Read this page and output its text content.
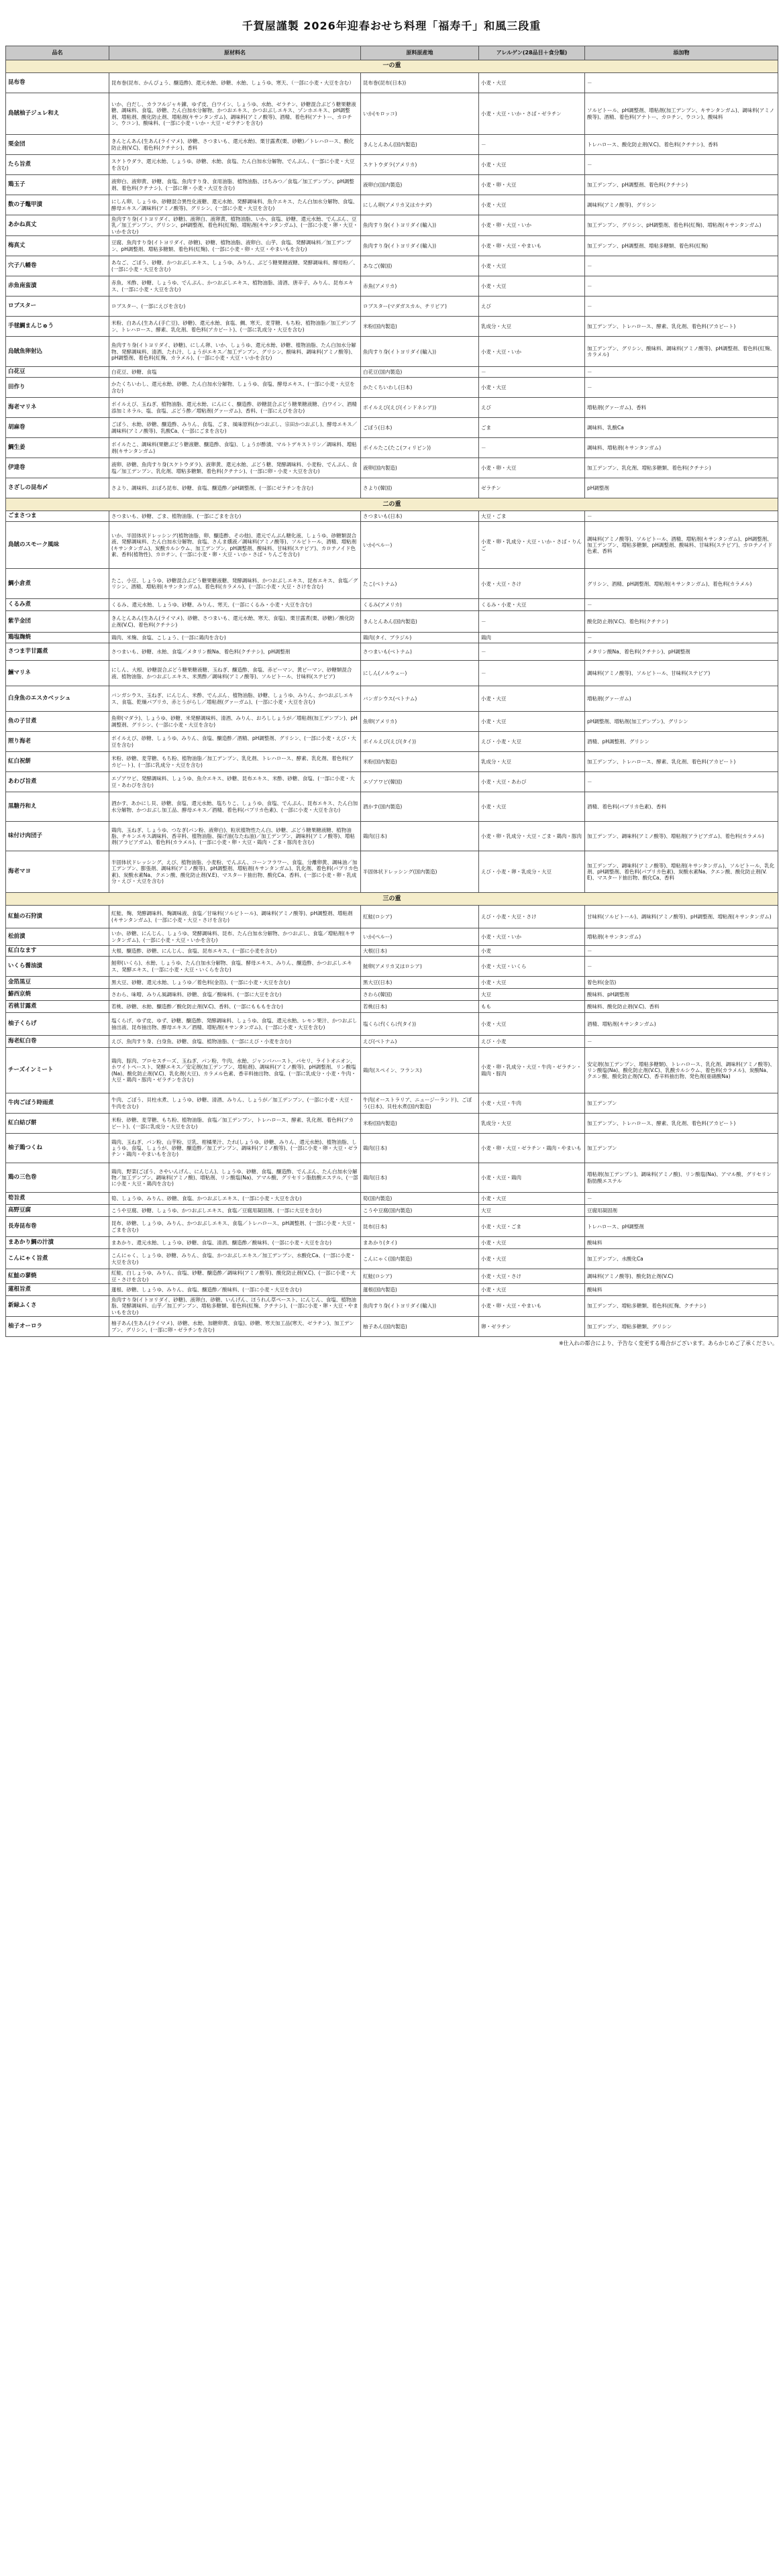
千賀屋謹製 2026年迎春おせち料理「福寿千」和風三段重
品名	原材料名	原料原産地	アレルゲン(28品目＋食分類)	添加物
一の重				
昆布巻	昆布巻(昆布、かんぴょう、醸造酢)、還元水飴、砂糖、水飴、しょうゆ、寒天、（一部に小麦・大豆を含む）	昆布巻(昆布(日本))	小麦・大豆	－
鳥賊柚子ジュレ和え	いか、白だし、カラフルジャキ錬、ゆず皮、白ワイン、しょうゆ、水飴、ゼラチン、砂糖混合ぶどう糖果糖液糖、調味料、食塩、砂糖、たん白加水分解物、かつおエキス、かつおぶしエキス、ゾンホエキス、pH調整剤、増粘剤、酸化防止剤、増粘剤(キサンタンガム)、調味料(アミノ酸等)、酒精、着色料(アナトー、カロチン、ウコン)、酸味料、(一部に小麦・いか・大豆・ゼラチンを含む)	いか(モロッコ)	小麦・大豆・いか・さば・ゼラチン	ソルビトール、pH調整剤、増粘剤(加工デンプン、キサンタンガム)、調味料(アミノ酸等)、酒精、着色料(アナトー、カロチン、ウコン)、酸味料
栗金団	きんとんあん(生あん(ライマメ)、砂糖、さつまいも、還元水飴)、栗甘露煮(栗、砂糖)／トレハロース、酸化防止剤(V.C)、着色料(クチナシ)、香料	きんとんあん(国内製造)	－	トレハロース、酸化防止剤(V.C)、着色料(クチナシ)、香料
たら旨煮	スケトウダラ、還元水飴、しょうゆ、砂糖、水飴、食塩、たん白加水分解物、でんぷん、(一部に小麦・大豆を含む)	スケトウダラ(アメリカ)	小麦・大豆	－
鶏玉子	液卵白、液卵黄、砂糖、食塩、魚肉すり身、食用油脂、植物油脂、ほちみつ／食塩／加工デンプン、pH調整剤、着色料(クチナシ)、(一部に卵・小麦・大豆を含む)	液卵白(国内製造)	小麦・卵・大豆	加工デンプン、pH調整剤、着色料(クチナシ)
数の子鼈甲漬	にしん卵、しょうゆ、砂糖混合異性化液糖、還元水飴、発酵調味料、魚介エキス、たん白加水分解物、食塩、酵母エキス／調味料(アミノ酸等)、グリシン、(一部に小麦・大豆を含む)	にしん卵(アメリカ又はカナダ)	小麦・大豆	調味料(アミノ酸等)、グリシン
あかね真丈	魚肉すり身(イトヨリダイ、砂糖)、液卵白、液卵黄、植物油脂、いか、食塩、砂糖、還元水飴、でんぷん、豆乳／加工デンプン、グリシン、pH調整剤、着色料(紅麹)、増粘剤(キサンタンガム)、(一部に小麦・卵・大豆・いかを含む)	魚肉すり身(イトヨリダイ(輸入))	小麦・卵・大豆・いか	加工デンプン、グリシン、pH調整剤、着色料(紅麹)、増粘剤(キサンタンガム)
梅真丈	豆腐、魚肉すり身(イトヨリダイ、砂糖)、砂糖、植物油脂、液卵白、山芋、食塩、発酵調味料／加工デンプン、pH調整剤、増粘多糖類、着色料(紅麹)、(一部に小麦・卵・大豆・やまいもを含む)	魚肉すり身(イトヨリダイ(輸入))	小麦・卵・大豆・やまいも	加工デンプン、pH調整剤、増粘多糖類、着色料(紅麹)
穴子八幡巻	あなご、ごぼう、砂糖、かつおぶしエキス、しょうゆ、みりん、ぶどう糖果糖液糖、発酵調味料、酵母粉／、(一部に小麦・大豆を含む)	あなご(韓国)	小麦・大豆	－
赤魚南蛮漬	赤魚、米酢、砂糖、しょうゆ、でんぷん、かつおぶしエキス、植物油脂、清酒、唐辛子、みりん、昆布エキス、(一部に小麦・大豆を含む)	赤魚(アメリカ)	小麦・大豆	－
ロブスター	ロブスター、(一部にえびを含む)	ロブスター(マダガスカル、チリピア)	えび	－
手毬鯛まんじゅう	米粉、白あん(生あん(手亡豆)、砂糖)、還元水飴、食塩、鯛、寒天、麦芽糖、もち粉、植物油脂／加工デンプン、トレハロース、酵素、乳化剤、着色料(アカビート)、(一部に乳成分・大豆を含む)	米粉(国内製造)	乳成分・大豆	加工デンプン、トレハロース、酵素、乳化剤、着色料(アカビート)
烏賊魚卵射込	魚肉すり身(イトヨリダイ、砂糖)、にしん卵、いか、しょうゆ、還元水飴、砂糖、植物油脂、たん白加水分解物、発酵調味料、清酒、たれ汁、しょうがエキス／加工デンプン、グリシン、酸味料、調味料(アミノ酸等)、pH調整剤、着色料(紅麹、カラメル)、(一部に小麦・大豆・いかを含む)	魚肉すり身(イトヨリダイ(輸入))	小麦・大豆・いか	加工デンプン、グリシン、酸味料、調味料(アミノ酸等)、pH調整剤、着色料(紅麹、カラメル)
白花豆	白花豆、砂糖、食塩	白花豆(国内製造)	－	－
田作り	かたくちいわし、還元水飴、砂糖、たん白加水分解物、しょうゆ、食塩、酵母エキス、(一部に小麦・大豆を含む)	かたくちいわし(日本)	小麦・大豆	－
海老マリネ	ボイルえび、玉ねぎ、植物油脂、還元水飴、にんにく、醸造酢、砂糖混合ぶどう糖果糖液糖、白ワイン、酒精添加ミネラル、塩、食塩、ぶどう酢／増粘剤(グァーガム)、香料、(一部にえびを含む)	ボイルえび(えび(インドネシア))	えび	増粘剤(グァーガム)、香料
胡麻巻	ごぼう、水飴、砂糖、醸造酢、みりん、食塩、ごま、風味原料(かつおぶし、宗田かつおぶし)、酵母エキス／調味料(アミノ酸等)、乳酸Ca、(一部にごまを含む)	ごぼう(日本)	ごま	調味料、乳酸Ca
鯛生姜	ボイルたこ、調味料(果糖ぶどう糖液糖、醸造酢、食塩)、しょうが酢漬、マルトデキストリン／調味料、増粘剤(キサンタンガム)	ボイルたこ(たこ(フィリピン))	－	調味料、増粘剤(キサンタンガム)
伊達巻	液卵、砂糖、魚肉すり身(スケトウダラ)、液卵黄、還元水飴、ぶどう糖、発酵調味料、小麦粉、でんぷん、食塩／加工デンプン、乳化剤、増粘多糖類、着色料(クチナシ)、(一部に卵・小麦・大豆を含む)	液卵(国内製造)	小麦・卵・大豆	加工デンプン、乳化剤、増粘多糖類、着色料(クチナシ)
さざしの昆布〆	さより、調味料、おぼろ昆布、砂糖、食塩、醸造酢／pH調整剤、(一部にゼラチンを含む)	さより(韓国)	ゼラチン	pH調整剤
二の重				
ごまさつま	さつまいも、砂糖、ごま、植物油脂、(一部にごまを含む)	さつまいも(日本)	大豆・ごま	－
鳥賊のスモーク風味	いか、半固体状ドレッシング(植物油脂、卵、醸造酢、その他)、還元でんぷん糖化液、しょうゆ、砂糖類混合液、発酵調味料、たん白加水分解物、食塩、さんま燻液／調味料(アミノ酸等)、ソルビトール、酒精、増粘剤(キサンタンガム)、炭酸カルシウム、加工デンプン、pH調整剤、酸味料、甘味料(ステビア)、カロテノイド色素、香料(植物性)、カロチン、(一部に小麦・卵・大豆・いか・さば・りんごを含む)	いか(ペルー)	小麦・卵・乳成分・大豆・いか・さば・りんご	調味料(アミノ酸等)、ソルビトール、酒精、増粘剤(キサンタンガム)、pH調整剤、加工デンプン、増粘多糖類、pH調整剤、酸味料、甘味料(ステビア)、カロテノイド色素、香料
鯛小倉煮	たこ、小豆、しょうゆ、砂糖混合ぶどう糖果糖液糖、発酵調味料、かつおぶしエキス、昆布エキス、食塩／グリシン、酒精、増粘剤(キサンタンガム)、着色料(カラメル)、(一部に小麦・大豆・さけを含む)	たこ(ベトナム)	小麦・大豆・さけ	グリシン、酒精、pH調整剤、増粘剤(キサンタンガム)、着色料(カラメル)
くるみ煮	くるみ、還元水飴、しょうゆ、砂糖、みりん、寒天、(一部にくるみ・小麦・大豆を含む)	くるみ(アメリカ)	くるみ・小麦・大豆	－
紫芋金団	きんとんあん(生あん(ライマメ)、砂糖、さつまいも、還元水飴、寒天、食塩)、栗甘露煮(栗、砂糖)／酸化防止剤(V.C)、着色料(クチナシ)	きんとんあん(国内製造)	－	酸化防止剤(V.C)、着色料(クチナシ)
鶏塩麹焼	鶏肉、米麹、食塩、こしょう、(一部に鶏肉を含む)	鶏肉(タイ、ブラジル)	鶏肉	－
さつま芋甘露煮	さつまいも、砂糖、水飴、食塩／メタリン酸Na、着色料(クチナシ)、pH調整剤	さつまいも(ベトナム)	－	メタリン酸Na、着色料(クチナシ)、pH調整剤
鰊マリネ	にしん、大根、砂糖混合ぶどう糖果糖液糖、玉ねぎ、醸造酢、食塩、赤ピーマン、黄ピーマン、砂糖類混合液、植物油脂、かつおぶしエキス、米黒酢／調味料(アミノ酸等)、ソルビトール、甘味料(ステビア)	にしん(ノルウェー)	－	調味料(アミノ酸等)、ソルビトール、甘味料(ステビア)
白身魚のエスカベッシュ	バンガシウス、玉ねぎ、にんじん、米酢、でんぷん、植物油脂、砂糖、しょうゆ、みりん、かつおぶしエキス、食塩、乾燥パプリカ、赤とうがらし／増粘剤(グァーガム)、(一部に小麦・大豆を含む)	バンガシウス(ベトナム)	小麦・大豆	増粘剤(グァーガム)
鱼の子甘煮	魚卵(マダラ)、しょうゆ、砂糖、米発酵調味料、清酒、みりん、おろししょうが／増粘剤(加工デンプン)、pH調整剤、グリシン、(一部に小麦・大豆を含む)	魚卵(アメリカ)	小麦・大豆	pH調整剤、増粘剤(加工デンプン)、グリシン
照り海老	ボイルえび、砂糖、しょうゆ、みりん、食塩、醸造酢／酒精、pH調整剤、グリシン、(一部に小麦・えび・大豆を含む)	ボイルえび(えび(タイ))	えび・小麦・大豆	酒精、pH調整剤、グリシン
紅白祝餅	米粉、砂糖、麦芽糖、もち粉、植物油脂／加工デンプン、乳化剤、トレハロース、酵素、乳化剤、着色料(アカビート)、(一部に乳成分・大豆を含む)	米粉(国内製造)	乳成分・大豆	加工デンプン、トレハロース、酵素、乳化剤、着色料(アカビート)
あわび旨煮	エゾアワビ、発酵調味料、しょうゆ、魚介エキス、砂糖、昆布エキス、米酢、砂糖、食塩、(一部に小麦・大豆・あわびを含む)	エゾアワビ(韓国)	小麦・大豆・あわび	－
黒糖丹和え	酒かす、あかにし貝、砂糖、食塩、還元水飴、塩ちりこ、しょうゆ、食塩、でんぷん、昆布エキス、たん白加水分解物、かつおぶし加工品、酵母エキス／酒精、着色料(パプリカ色素)、(一部に小麦・大豆を含む)	酒かす(国内製造)	小麦・大豆	酒精、着色料(パプリカ色素)、香料
味付け肉団子	鶏肉、玉ねぎ、しょうゆ、つなぎ(パン粉、液卵白)、粒状植物性たん白、砂糖、ぶどう糖果糖液糖、植物油脂、チキンエキス調味料、香辛料、植物油脂、揚げ油(なたね油)／加工デンプン、調味料(アミノ酸等)、増粘剤(アラビアガム)、着色料(カラメル)、(一部に小麦・卵・大豆・鶏肉・ごま・豚肉を含む)	鶏肉(日本)	小麦・卵・乳成分・大豆・ごま・鶏肉・豚肉	加工デンプン、調味料(アミノ酸等)、増粘剤(アラビアガム)、着色料(カラメル)
海老マヨ	半固体状ドレッシング、えび、植物油脂、小麦粉、でんぷん、コーンフラワー、食塩、分離卵黄、調味油／加工デンプン、膨張剤、調味料(アミノ酸等)、pH調整剤、増粘剤(キサンタンガム)、乳化剤、着色料(パプリカ色素)、炭酸水素Na、クエン酸、酸化防止剤(V.E)、マスタード抽出物、酸化Ca、香料、(一部に小麦・卵・乳成分・えび・大豆を含む)	半固体状ドレッシング(国内製造)	えび・小麦・卵・乳成分・大豆	加工デンプン、調味料(アミノ酸等)、増粘剤(キサンタンガム)、ソルビトール、乳化剤、pH調整剤、着色料(パプリカ色素)、炭酸水素Na、クエン酸、酸化防止剤(V.E)、マスタード抽出物、酸化Ca、香料
三の重				
紅鮭の石狩漬	紅鮭、麹、発酵調味料、麹調味液、食塩／甘味料(ソルビトール)、調味料(アミノ酸等)、pH調整剤、増粘剤(キサンタンガム)、(一部に小麦・大豆・さけを含む)	紅鮭(ロシア)	えび・小麦・大豆・さけ	甘味料(ソルビトール)、調味料(アミノ酸等)、pH調整剤、増粘剤(キサンタンガム)
松前漬	いか、砂糖、にんじん、しょうゆ、発酵調味料、昆布、たん白加水分解物、かつおぶし、食塩／増粘剤(キサンタンガム)、(一部に小麦・大豆・いかを含む)	いか(ペルー)	小麦・大豆・いか	増粘剤(キサンタンガム)
紅白なます	大根、醸造酢、砂糖、にんじん、食塩、昆布エキス、(一部に小麦を含む)	大根(日本)	小麦	－
いくら醤油漬	鮭卵(いくら)、水飴、しょうゆ、たん白加水分解物、食塩、酵母エキス、みりん、醸造酢、かつおぶしエキス、発酵エキス、(一部に小麦・大豆・いくらを含む)	鮭卵(アメリカ又はロシア)	小麦・大豆・いくら	－
金箔黒豆	黒大豆、砂糖、還元水飴、しょうゆ／着色料(金箔)、(一部に小麦・大豆を含む)	黒大豆(日本)	小麦・大豆	着色料(金箔)
鰆西京焼	さわら、味噌、みりん風調味料、砂糖、食塩／酸味料、(一部に大豆を含む)	さわら(韓国)	大豆	酸味料、pH調整剤
若桃甘露煮	若桃、砂糖、水飴、醸造酢／酸化防止剤(V.C)、香料、(一部にもももを含む)	若桃(日本)	もも	酸味料、酸化防止剤(V.C)、香料
柚子くらげ	塩くらげ、ゆず皮、ゆず、砂糖、醸造酢、発酵調味料、しょうゆ、食塩、還元水飴、レモン果汁、かつおぶし抽出液、昆布抽出物、酵母エキス／酒精、増粘剤(キサンタンガム)、(一部に小麦・大豆を含む)	塩くらげ(くらげ(タイ))	小麦・大豆	酒精、増粘剤(キサンタンガム)
海老紅白巻	えび、魚肉すり身、白身魚、砂糖、食塩、植物油脂、(一部にえび・小麦を含む)	えび(ベトナム)	えび・小麦	－
チーズインミート	鶏肉、豚肉、プロセスチーズ、玉ねぎ、パン粉、牛肉、水飴、ジャンバハースト、パセリ、ライトオニオン、ホワイトペースト、発酵エキス／安定剤(加工デンプン、増粘剤)、調味料(アミノ酸等)、pH調整剤、リン酸塩(Na)、酸化防止剤(V.C)、乳化剤(大豆)、カラメル色素、香辛料抽出物、食塩、(一部に乳成分・小麦・牛肉・大豆・鶏肉・豚肉・ゼラチンを含む)	鶏肉(スペイン、フランス)	小麦・卵・乳成分・大豆・牛肉・ゼラチン・鶏肉・豚肉	安定剤(加工デンプン、増粘多糖類)、トレハロース、乳化剤、調味料(アミノ酸等)、リン酸塩(Na)、酸化防止剤(V.C)、乳酸カルシウム、着色料(カラメル)、炭酸Na、クエン酸、酸化防止剤(V.C)、香辛料抽出物、発色剤(亜硝酸Na)
牛肉ごぼう時雨煮	牛肉、ごぼう、貝柱水煮、しょうゆ、砂糖、清酒、みりん、しょうが／加工デンプン、(一部に小麦・大豆・牛肉を含む)	牛肉(オーストラリア、ニュージーランド)、ごぼう(日本)、貝柱水煮(国内製造)	小麦・大豆・牛肉	加工デンプン
紅白結び餅	米粉、砂糖、麦芽糖、もち粉、植物油脂、食塩／加工デンプン、トレハロース、酵素、乳化剤、着色料(アカビート)、(一部に乳成分・大豆を含む)	米粉(国内製造)	乳成分・大豆	加工デンプン、トレハロース、酵素、乳化剤、着色料(アカビート)
柚子鶏つくね	鶏肉、玉ねぎ、パン粉、山芋粉、豆乳、柑橘果汁、たれ(しょうゆ、砂糖、みりん、還元水飴)、植物油脂、しょうゆ、食塩、しょうが、砂糖、醸造酢／加工デンプン、調味料(アミノ酸等)、(一部に小麦・卵・大豆・ゼラチン・鶏肉・やまいもを含む)	鶏肉(日本)	小麦・卵・大豆・ゼラチン・鶏肉・やまいも	加工デンプン
鶏の三色巻	鶏肉、野菜(ごぼう、さやいんげん、にんじん)、しょうゆ、砂糖、食塩、醸造酢、でんぷん、たん白加水分解物／加工デンプン、調味料(アミノ酸)、増粘剤、リン酸塩(Na)、アマル酸、グリセリン脂肪酸エステル、(一部に小麦・大豆・鶏肉を含む)	鶏肉(日本)	小麦・大豆・鶏肉	増粘剤(加工デンプン)、調味料(アミノ酸)、リン酸塩(Na)、アマル酸、グリセリン脂肪酸エステル
筍旨煮	筍、しょうゆ、みりん、砂糖、食塩、かつおぶしエキス、(一部に小麦・大豆を含む)	筍(国内製造)	小麦・大豆	－
高野豆腐	こうや豆腐、砂糖、しょうゆ、かつおぶしエキス、食塩／豆腐用凝固剤、(一部に大豆を含む)	こうや豆腐(国内製造)	大豆	豆腐用凝固剤
長寿昆布巻	昆布、砂糖、しょうゆ、みりん、かつおぶしエキス、食塩／トレハロース、pH調整剤、(一部に小麦・大豆・ごまを含む)	昆布(日本)	小麦・大豆・ごま	トレハロース、pH調整剤
まあかり鯛の汁漬	まあかり、還元水飴、しょうゆ、砂糖、食塩、清酒、醸造酢／酸味料、(一部に小麦・大豆を含む)	まあかり(タイ)	小麦・大豆	酸味料
こんにゃく旨煮	こんにゃく、しょうゆ、砂糖、みりん、食塩、かつおぶしエキス／加工デンプン、水酸化Ca、(一部に小麦・大豆を含む)	こんにゃく(国内製造)	小麦・大豆	加工デンプン、水酸化Ca
紅鮭の蓼焼	紅鮭、白しょうゆ、みりん、食塩、砂糖、醸造酢／調味料(アミノ酸等)、酸化防止剤(V.C)、(一部に小麦・大豆・さけを含む)	紅鮭(ロシア)	小麦・大豆・さけ	調味料(アミノ酸等)、酸化防止剤(V.C)
蓮根旨煮	蓮根、砂糖、しょうゆ、みりん、食塩、醸造酢／酸味料、(一部に小麦・大豆を含む)	蓮根(国内製造)	小麦・大豆	酸味料
新緑ふくさ	魚肉すり身(イトヨリダイ、砂糖)、液卵白、砂糖、いんげん、ほうれん草ペースト、にんじん、食塩、植物油脂、発酵調味料、山芋／加工デンプン、増粘多糖類、着色料(紅麹、クチナシ)、(一部に小麦・卵・大豆・やまいもを含む)	魚肉すり身(イトヨリダイ(輸入))	小麦・卵・大豆・やまいも	加工デンプン、増粘多糖類、着色料(紅麹、クチナシ)
柚子オーロラ	柚子あん(生あん(ライマメ)、砂糖、水飴、加糖卵黄、食塩)、砂糖、寒天加工品(寒天、ゼラチン)、加工デンプン、グリシン、(一部に卵・ゼラチンを含む)	柚子あん(国内製造)	卵・ゼラチン	加工デンプン、増粘多糖類、グリシン
※仕入れの都合により、予告なく変更する場合がございます。あらかじめご了承ください。
